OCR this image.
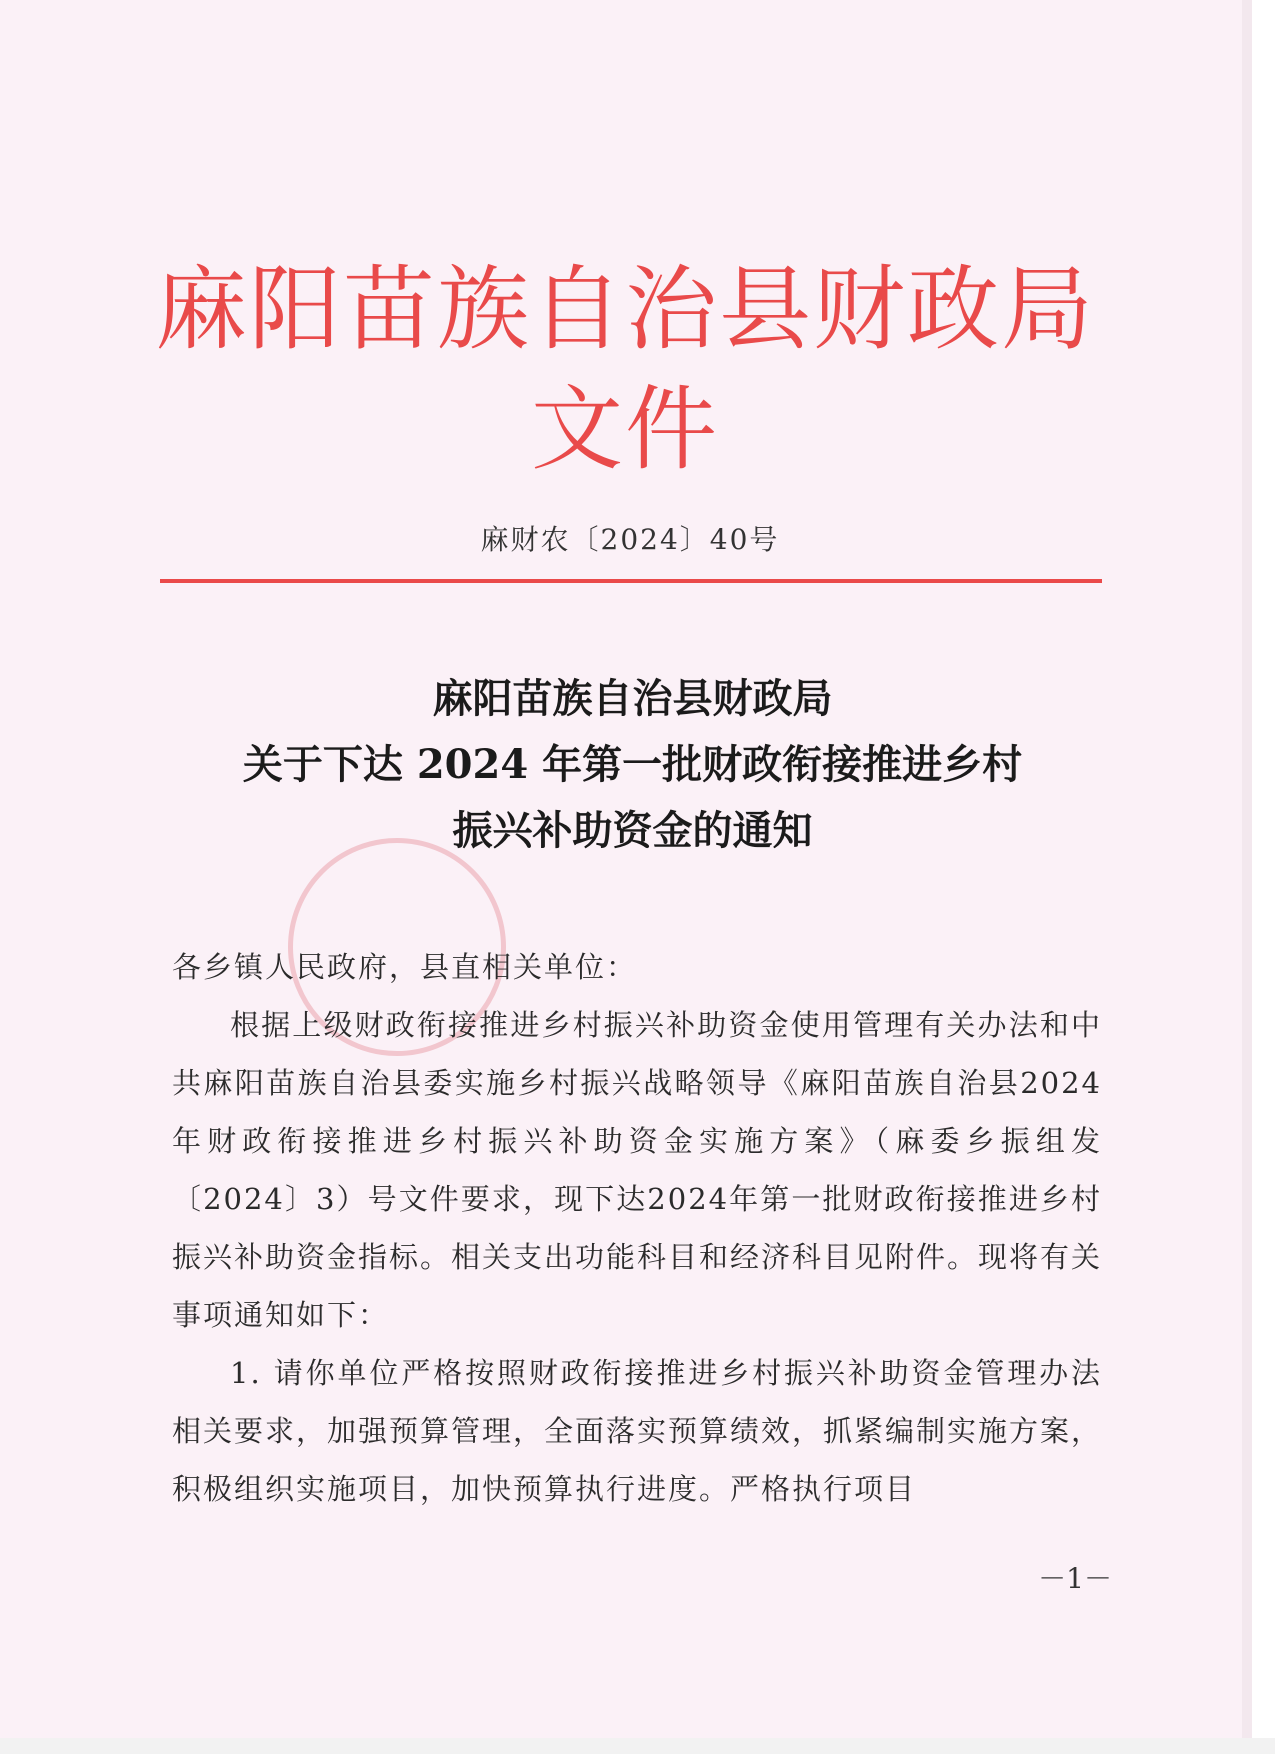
麻阳苗族自治县财政局文件
麻财农〔2024〕40号
麻阳苗族自治县财政局
关于下达 2024 年第一批财政衔接推进乡村
振兴补助资金的通知

各乡镇人民政府，县直相关单位：

根据上级财政衔接推进乡村振兴补助资金使用管理有关办法和中共麻阳苗族自治县委实施乡村振兴战略领导《麻阳苗族自治县2024年财政衔接推进乡村振兴补助资金实施方案》（麻委乡振组发〔2024〕3）号文件要求，现下达2024年第一批财政衔接推进乡村振兴补助资金指标。相关支出功能科目和经济科目见附件。现将有关事项通知如下：

1. 请你单位严格按照财政衔接推进乡村振兴补助资金管理办法相关要求，加强预算管理，全面落实预算绩效，抓紧编制实施方案，积极组织实施项目，加快预算执行进度。严格执行项目

－1－
